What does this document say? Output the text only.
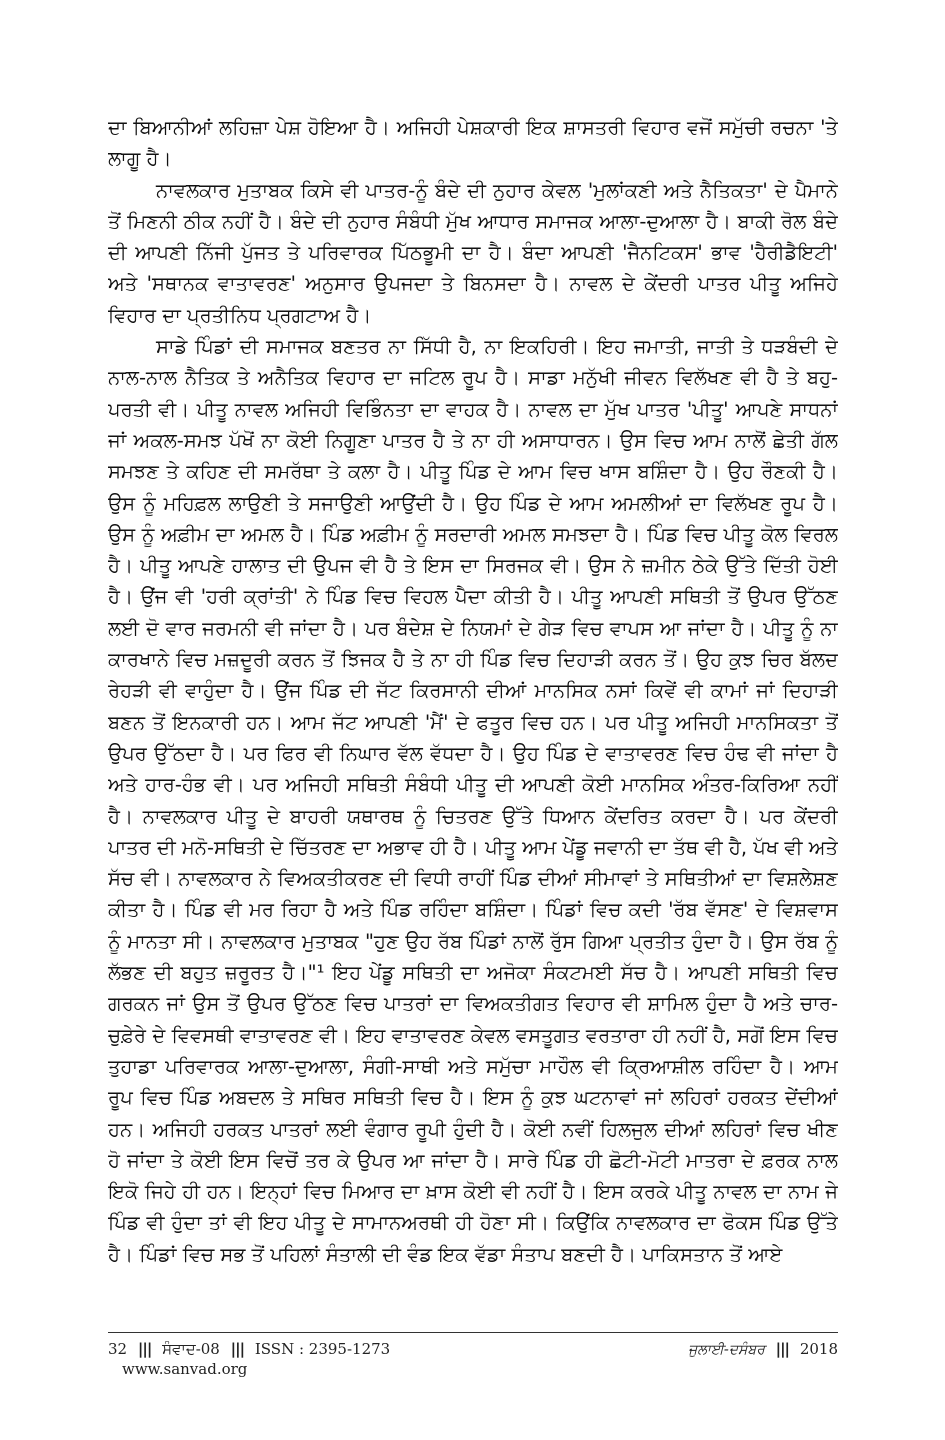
ਦਾ ਬਿਆਨੀਆਂ ਲਹਿਜ਼ਾ ਪੇਸ਼ ਹੋਇਆ ਹੈ। ਅਜਿਹੀ ਪੇਸ਼ਕਾਰੀ ਇਕ ਸ਼ਾਸਤਰੀ ਵਿਹਾਰ ਵਜੋਂ ਸਮੁੱਚੀ ਰਚਨਾ 'ਤੇ ਲਾਗੂ ਹੈ।

ਨਾਵਲਕਾਰ ਮੁਤਾਬਕ ਕਿਸੇ ਵੀ ਪਾਤਰ-ਨੂੰ ਬੰਦੇ ਦੀ ਨੁਹਾਰ ਕੇਵਲ 'ਮੁਲਾਂਕਣੀ ਅਤੇ ਨੈਤਿਕਤਾ' ਦੇ ਪੈਮਾਨੇ ਤੋਂ ਮਿਣਨੀ ਠੀਕ ਨਹੀਂ ਹੈ। ਬੰਦੇ ਦੀ ਨੁਹਾਰ ਸੰਬੰਧੀ ਮੁੱਖ ਆਧਾਰ ਸਮਾਜਕ ਆਲਾ-ਦੁਆਲਾ ਹੈ। ਬਾਕੀ ਰੋਲ ਬੰਦੇ ਦੀ ਆਪਣੀ ਨਿੱਜੀ ਪੁੱਜਤ ਤੇ ਪਰਿਵਾਰਕ ਪਿੱਠਭੂਮੀ ਦਾ ਹੈ। ਬੰਦਾ ਆਪਣੀ 'ਜੈਨਟਿਕਸ' ਭਾਵ 'ਹੈਰੀਡੈਇਟੀ' ਅਤੇ 'ਸਥਾਨਕ ਵਾਤਾਵਰਣ' ਅਨੁਸਾਰ ਉਪਜਦਾ ਤੇ ਬਿਨਸਦਾ ਹੈ। ਨਾਵਲ ਦੇ ਕੇਂਦਰੀ ਪਾਤਰ ਪੀਤੂ ਅਜਿਹੇ ਵਿਹਾਰ ਦਾ ਪ੍ਰਤੀਨਿਧ ਪ੍ਰਗਟਾਅ ਹੈ।

ਸਾਡੇ ਪਿੰਡਾਂ ਦੀ ਸਮਾਜਕ ਬਣਤਰ ਨਾ ਸਿੱਧੀ ਹੈ, ਨਾ ਇਕਹਿਰੀ। ਇਹ ਜਮਾਤੀ, ਜਾਤੀ ਤੇ ਧੜਬੰਦੀ ਦੇ ਨਾਲ-ਨਾਲ ਨੈਤਿਕ ਤੇ ਅਨੈਤਿਕ ਵਿਹਾਰ ਦਾ ਜਟਿਲ ਰੂਪ ਹੈ। ਸਾਡਾ ਮਨੁੱਖੀ ਜੀਵਨ ਵਿਲੱਖਣ ਵੀ ਹੈ ਤੇ ਬਹੁ-ਪਰਤੀ ਵੀ। ਪੀਤੂ ਨਾਵਲ ਅਜਿਹੀ ਵਿਭਿੰਨਤਾ ਦਾ ਵਾਹਕ ਹੈ। ਨਾਵਲ ਦਾ ਮੁੱਖ ਪਾਤਰ 'ਪੀਤੂ' ਆਪਣੇ ਸਾਧਨਾਂ ਜਾਂ ਅਕਲ-ਸਮਝ ਪੱਖੋਂ ਨਾ ਕੋਈ ਨਿਗੂਣਾ ਪਾਤਰ ਹੈ ਤੇ ਨਾ ਹੀ ਅਸਾਧਾਰਨ। ਉਸ ਵਿਚ ਆਮ ਨਾਲੋਂ ਛੇਤੀ ਗੱਲ ਸਮਝਣ ਤੇ ਕਹਿਣ ਦੀ ਸਮਰੱਥਾ ਤੇ ਕਲਾ ਹੈ। ਪੀਤੂ ਪਿੰਡ ਦੇ ਆਮ ਵਿਚ ਖਾਸ ਬਸ਼ਿੰਦਾ ਹੈ। ਉਹ ਰੌਣਕੀ ਹੈ। ਉਸ ਨੂੰ ਮਹਿਫ਼ਲ ਲਾਉਣੀ ਤੇ ਸਜਾਉਣੀ ਆਉਂਦੀ ਹੈ। ਉਹ ਪਿੰਡ ਦੇ ਆਮ ਅਮਲੀਆਂ ਦਾ ਵਿਲੱਖਣ ਰੂਪ ਹੈ। ਉਸ ਨੂੰ ਅਫ਼ੀਮ ਦਾ ਅਮਲ ਹੈ। ਪਿੰਡ ਅਫ਼ੀਮ ਨੂੰ ਸਰਦਾਰੀ ਅਮਲ ਸਮਝਦਾ ਹੈ। ਪਿੰਡ ਵਿਚ ਪੀਤੂ ਕੋਲ ਵਿਰਲ ਹੈ। ਪੀਤੂ ਆਪਣੇ ਹਾਲਾਤ ਦੀ ਉਪਜ ਵੀ ਹੈ ਤੇ ਇਸ ਦਾ ਸਿਰਜਕ ਵੀ। ਉਸ ਨੇ ਜ਼ਮੀਨ ਠੇਕੇ ਉੱਤੇ ਦਿੱਤੀ ਹੋਈ ਹੈ। ਉਂਜ ਵੀ 'ਹਰੀ ਕ੍ਰਾਂਤੀ' ਨੇ ਪਿੰਡ ਵਿਚ ਵਿਹਲ ਪੈਦਾ ਕੀਤੀ ਹੈ। ਪੀਤੂ ਆਪਣੀ ਸਥਿਤੀ ਤੋਂ ਉਪਰ ਉੱਠਣ ਲਈ ਦੋ ਵਾਰ ਜਰਮਨੀ ਵੀ ਜਾਂਦਾ ਹੈ। ਪਰ ਬੰਦੇਸ਼ ਦੇ ਨਿਯਮਾਂ ਦੇ ਗੇੜ ਵਿਚ ਵਾਪਸ ਆ ਜਾਂਦਾ ਹੈ। ਪੀਤੂ ਨੂੰ ਨਾ ਕਾਰਖਾਨੇ ਵਿਚ ਮਜ਼ਦੂਰੀ ਕਰਨ ਤੋਂ ਝਿਜਕ ਹੈ ਤੇ ਨਾ ਹੀ ਪਿੰਡ ਵਿਚ ਦਿਹਾੜੀ ਕਰਨ ਤੋਂ। ਉਹ ਕੁਝ ਚਿਰ ਬੱਲਦ ਰੇਹੜੀ ਵੀ ਵਾਹੁੰਦਾ ਹੈ। ਉਂਜ ਪਿੰਡ ਦੀ ਜੱਟ ਕਿਰਸਾਨੀ ਦੀਆਂ ਮਾਨਸਿਕ ਨਸਾਂ ਕਿਵੇਂ ਵੀ ਕਾਮਾਂ ਜਾਂ ਦਿਹਾੜੀ ਬਣਨ ਤੋਂ ਇਨਕਾਰੀ ਹਨ। ਆਮ ਜੱਟ ਆਪਣੀ 'ਮੈਂ' ਦੇ ਫਤੂਰ ਵਿਚ ਹਨ। ਪਰ ਪੀਤੂ ਅਜਿਹੀ ਮਾਨਸਿਕਤਾ ਤੋਂ ਉਪਰ ਉੱਠਦਾ ਹੈ। ਪਰ ਫਿਰ ਵੀ ਨਿਘਾਰ ਵੱਲ ਵੱਧਦਾ ਹੈ। ਉਹ ਪਿੰਡ ਦੇ ਵਾਤਾਵਰਣ ਵਿਚ ਹੰਢ ਵੀ ਜਾਂਦਾ ਹੈ ਅਤੇ ਹਾਰ-ਹੰਭ ਵੀ। ਪਰ ਅਜਿਹੀ ਸਥਿਤੀ ਸੰਬੰਧੀ ਪੀਤੂ ਦੀ ਆਪਣੀ ਕੋਈ ਮਾਨਸਿਕ ਅੰਤਰ-ਕਿਰਿਆ ਨਹੀਂ ਹੈ। ਨਾਵਲਕਾਰ ਪੀਤੂ ਦੇ ਬਾਹਰੀ ਯਥਾਰਥ ਨੂੰ ਚਿਤਰਣ ਉੱਤੇ ਧਿਆਨ ਕੇਂਦਰਿਤ ਕਰਦਾ ਹੈ। ਪਰ ਕੇਂਦਰੀ ਪਾਤਰ ਦੀ ਮਨੋ-ਸਥਿਤੀ ਦੇ ਚਿੱਤਰਣ ਦਾ ਅਭਾਵ ਹੀ ਹੈ। ਪੀਤੂ ਆਮ ਪੇਂਡੂ ਜਵਾਨੀ ਦਾ ਤੱਥ ਵੀ ਹੈ, ਪੱਖ ਵੀ ਅਤੇ ਸੱਚ ਵੀ। ਨਾਵਲਕਾਰ ਨੇ ਵਿਅਕਤੀਕਰਣ ਦੀ ਵਿਧੀ ਰਾਹੀਂ ਪਿੰਡ ਦੀਆਂ ਸੀਮਾਵਾਂ ਤੇ ਸਥਿਤੀਆਂ ਦਾ ਵਿਸ਼ਲੇਸ਼ਣ ਕੀਤਾ ਹੈ। ਪਿੰਡ ਵੀ ਮਰ ਰਿਹਾ ਹੈ ਅਤੇ ਪਿੰਡ ਰਹਿੰਦਾ ਬਸ਼ਿੰਦਾ। ਪਿੰਡਾਂ ਵਿਚ ਕਦੀ 'ਰੱਬ ਵੱਸਣ' ਦੇ ਵਿਸ਼ਵਾਸ ਨੂੰ ਮਾਨਤਾ ਸੀ। ਨਾਵਲਕਾਰ ਮੁਤਾਬਕ "ਹੁਣ ਉਹ ਰੱਬ ਪਿੰਡਾਂ ਨਾਲੋਂ ਰੁੱਸ ਗਿਆ ਪ੍ਰਤੀਤ ਹੁੰਦਾ ਹੈ। ਉਸ ਰੱਬ ਨੂੰ ਲੱਭਣ ਦੀ ਬਹੁਤ ਜ਼ਰੂਰਤ ਹੈ।"¹ ਇਹ ਪੇਂਡੂ ਸਥਿਤੀ ਦਾ ਅਜੋਕਾ ਸੰਕਟਮਈ ਸੱਚ ਹੈ। ਆਪਣੀ ਸਥਿਤੀ ਵਿਚ ਗਰਕਨ ਜਾਂ ਉਸ ਤੋਂ ਉਪਰ ਉੱਠਣ ਵਿਚ ਪਾਤਰਾਂ ਦਾ ਵਿਅਕਤੀਗਤ ਵਿਹਾਰ ਵੀ ਸ਼ਾਮਿਲ ਹੁੰਦਾ ਹੈ ਅਤੇ ਚਾਰ-ਚੁਫ਼ੇਰੇ ਦੇ ਵਿਵਸਥੀ ਵਾਤਾਵਰਣ ਵੀ। ਇਹ ਵਾਤਾਵਰਣ ਕੇਵਲ ਵਸਤੂਗਤ ਵਰਤਾਰਾ ਹੀ ਨਹੀਂ ਹੈ, ਸਗੋਂ ਇਸ ਵਿਚ ਤੁਹਾਡਾ ਪਰਿਵਾਰਕ ਆਲਾ-ਦੁਆਲਾ, ਸੰਗੀ-ਸਾਥੀ ਅਤੇ ਸਮੁੱਚਾ ਮਾਹੌਲ ਵੀ ਕ੍ਰਿਆਸ਼ੀਲ ਰਹਿੰਦਾ ਹੈ। ਆਮ ਰੂਪ ਵਿਚ ਪਿੰਡ ਅਬਦਲ ਤੇ ਸਥਿਰ ਸਥਿਤੀ ਵਿਚ ਹੈ। ਇਸ ਨੂੰ ਕੁਝ ਘਟਨਾਵਾਂ ਜਾਂ ਲਹਿਰਾਂ ਹਰਕਤ ਦੇਂਦੀਆਂ ਹਨ। ਅਜਿਹੀ ਹਰਕਤ ਪਾਤਰਾਂ ਲਈ ਵੰਗਾਰ ਰੂਪੀ ਹੁੰਦੀ ਹੈ। ਕੋਈ ਨਵੀਂ ਹਿਲਜੁਲ ਦੀਆਂ ਲਹਿਰਾਂ ਵਿਚ ਖੀਣ ਹੋ ਜਾਂਦਾ ਤੇ ਕੋਈ ਇਸ ਵਿਚੋਂ ਤਰ ਕੇ ਉਪਰ ਆ ਜਾਂਦਾ ਹੈ। ਸਾਰੇ ਪਿੰਡ ਹੀ ਛੋਟੀ-ਮੋਟੀ ਮਾਤਰਾ ਦੇ ਫ਼ਰਕ ਨਾਲ ਇਕੋ ਜਿਹੇ ਹੀ ਹਨ। ਇਨ੍ਹਾਂ ਵਿਚ ਮਿਆਰ ਦਾ ਖ਼ਾਸ ਕੋਈ ਵੀ ਨਹੀਂ ਹੈ। ਇਸ ਕਰਕੇ ਪੀਤੂ ਨਾਵਲ ਦਾ ਨਾਮ ਜੇ ਪਿੰਡ ਵੀ ਹੁੰਦਾ ਤਾਂ ਵੀ ਇਹ ਪੀਤੂ ਦੇ ਸਾਮਾਨਅਰਥੀ ਹੀ ਹੋਣਾ ਸੀ। ਕਿਉਂਕਿ ਨਾਵਲਕਾਰ ਦਾ ਫੋਕਸ ਪਿੰਡ ਉੱਤੇ ਹੈ। ਪਿੰਡਾਂ ਵਿਚ ਸਭ ਤੋਂ ਪਹਿਲਾਂ ਸੰਤਾਲੀ ਦੀ ਵੰਡ ਇਕ ਵੱਡਾ ਸੰਤਾਪ ਬਣਦੀ ਹੈ। ਪਾਕਿਸਤਾਨ ਤੋਂ ਆਏ

32 ||| ਸੰਵਾਦ-08 ||| ISSN : 2395-1273
www.sanvad.org
ਜੁਲਾਈ-ਦਸੰਬਰ ||| 2018
